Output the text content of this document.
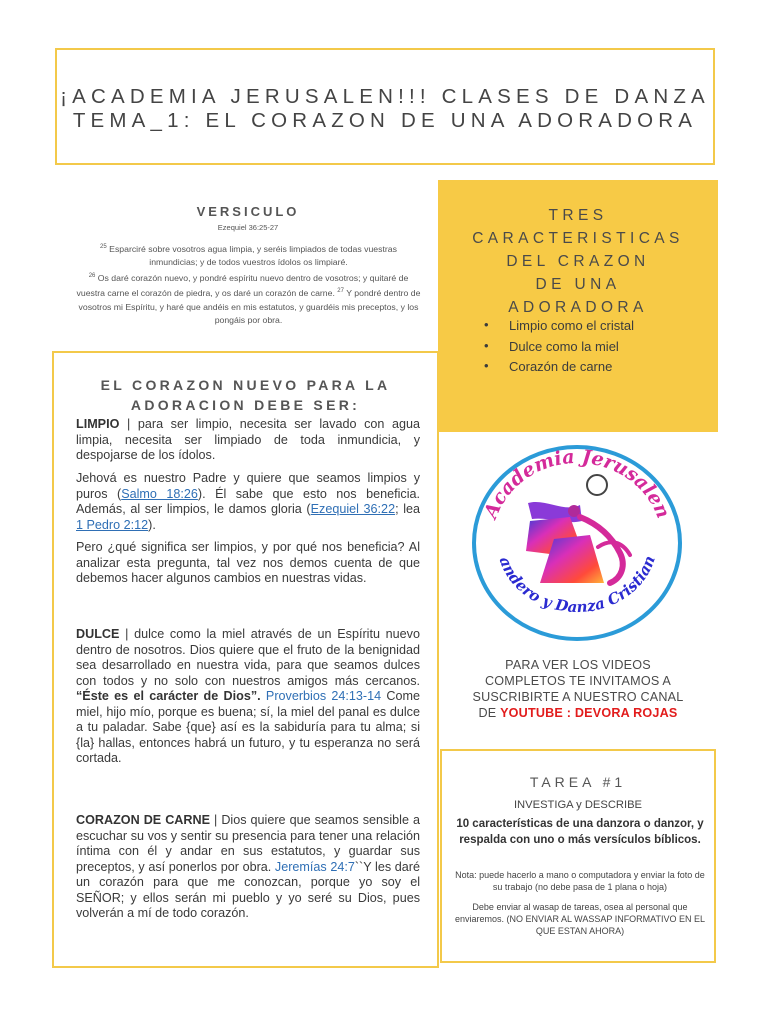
¡ACADEMIA JERUSALEN!!! CLASES DE DANZA
TEMA_1: EL CORAZON DE UNA ADORADORA
VERSICULO
Ezequiel 36:25-27
$^{25}$ Esparciré sobre vosotros agua limpia, y seréis limpiados de todas vuestras inmundicias; y de todos vuestros ídolos os limpiaré.
$^{26}$ Os daré corazón nuevo, y pondré espíritu nuevo dentro de vosotros; y quitaré de vuestra carne el corazón de piedra, y os daré un corazón de carne. $^{27}$ Y pondré dentro de vosotros mi Espíritu, y haré que andéis en mis estatutos, y guardéis mis preceptos, y los pongáis por obra.
EL CORAZON NUEVO PARA LA
ADORACION DEBE SER:
LIMPIO | para ser limpio, necesita ser lavado con agua limpia, necesita ser limpiado de toda inmundicia, y despojarse de los ídolos.
Jehová es nuestro Padre y quiere que seamos limpios y puros (Salmo 18:26). Él sabe que esto nos beneficia. Además, al ser limpios, le damos gloria (Ezequiel 36:22; lea 1 Pedro 2:12).
Pero ¿qué significa ser limpios, y por qué nos beneficia? Al analizar esta pregunta, tal vez nos demos cuenta de que debemos hacer algunos cambios en nuestras vidas.
DULCE | dulce como la miel através de un Espíritu nuevo dentro de nosotros. Dios quiere que el fruto de la benignidad sea desarrollado en nuestra vida, para que seamos dulces con todos y no solo con nuestros amigos más cercanos. “Éste es el carácter de Dios”. Proverbios 24:13-14 Come miel, hijo mío, porque es buena; sí, la miel del panal es dulce a tu paladar. Sabe {que} así es la sabiduría para tu alma; si {la} hallas, entonces habrá un futuro, y tu esperanza no será cortada.
CORAZON DE CARNE | Dios quiere que seamos sensible a escuchar su vos y sentir su presencia para tener una relación íntima con él y andar en sus estatutos, y guardar sus preceptos, y así ponerlos por obra. Jeremías 24:7``Y les daré un corazón para que me conozcan, porque yo soy el SEÑOR; y ellos serán mi pueblo y yo seré su Dios, pues volverán a mí de todo corazón.
TRES
CARACTERISTICAS
DEL CRAZON
DE UNA
ADORADORA
• Limpio como el cristal
• Dulce como la miel
• Corazón de carne
Academia Jerusalen
andero y Danza Cristian
PARA VER LOS VIDEOS
COMPLETOS TE INVITAMOS A
SUSCRIBIRTE A NUESTRO CANAL
DE YOUTUBE : DEVORA ROJAS
TAREA #1
INVESTIGA y DESCRIBE
10 características de una danzora o danzor, y respalda con uno o más versículos bíblicos.
Nota: puede hacerlo a mano o computadora y enviar la foto de su trabajo (no debe pasa de 1 plana o hoja)
Debe enviar al wasap de tareas, osea al personal que enviaremos. (NO ENVIAR AL WASSAP INFORMATIVO EN EL QUE ESTAN AHORA)
